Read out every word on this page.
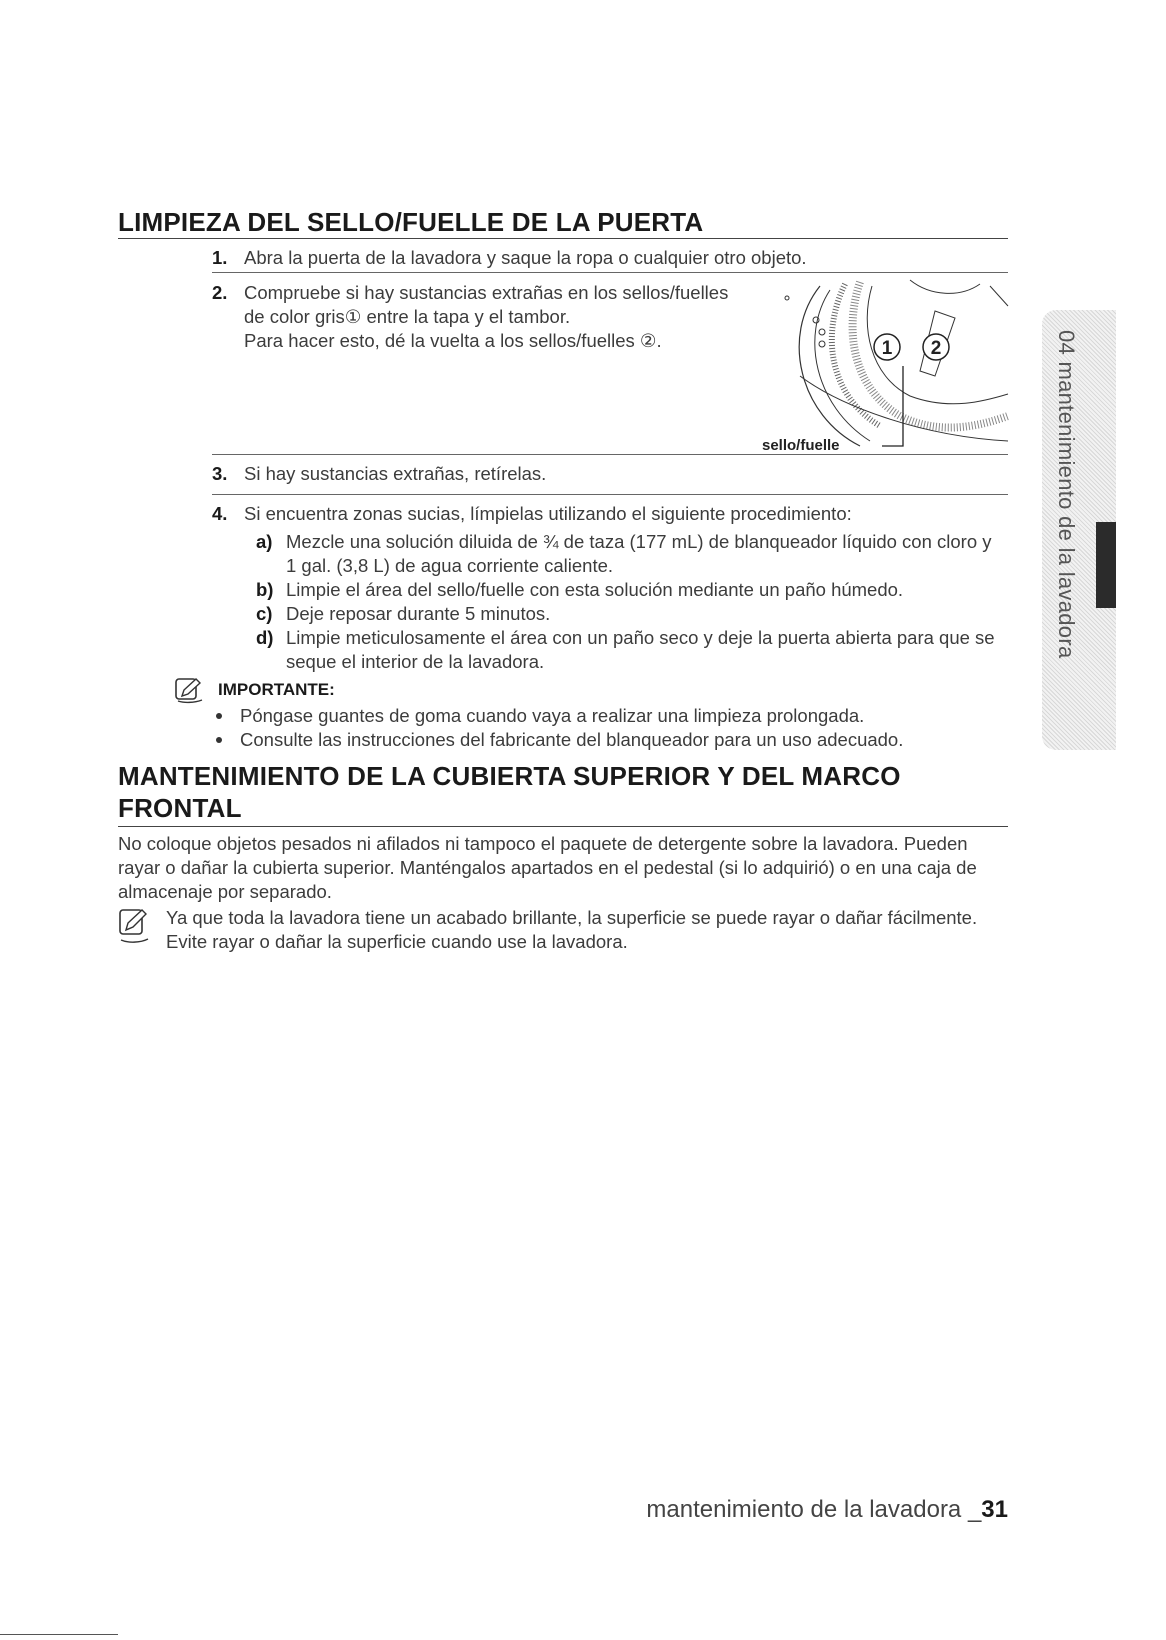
LIMPIEZA DEL SELLO/FUELLE DE LA PUERTA
1. Abra la puerta de la lavadora y saque la ropa o cualquier otro objeto.
2. Compruebe si hay sustancias extrañas en los sellos/fuelles
de color gris① entre la tapa y el tambor.
Para hacer esto, dé la vuelta a los sellos/fuelles ②.	1 2
sello/fuelle
3. Si hay sustancias extrañas, retírelas.
4. Si encuentra zonas sucias, límpielas utilizando el siguiente procedimiento:
a) Mezcle una solución diluida de ¾ de taza (177 mL) de blanqueador líquido con cloro y
1 gal. (3,8 L) de agua corriente caliente.
b) Limpie el área del sello/fuelle con esta solución mediante un paño húmedo.
c) Deje reposar durante 5 minutos.
d) Limpie meticulosamente el área con un paño seco y deje la puerta abierta para que se
seque el interior de la lavadora.
IMPORTANTE:
Póngase guantes de goma cuando vaya a realizar una limpieza prolongada.
Consulte las instrucciones del fabricante del blanqueador para un uso adecuado.
MANTENIMIENTO DE LA CUBIERTA SUPERIOR Y DEL MARCO
FRONTAL
No coloque objetos pesados ni afilados ni tampoco el paquete de detergente sobre la lavadora. Pueden
rayar o dañar la cubierta superior. Manténgalos apartados en el pedestal (si lo adquirió) o en una caja de
almacenaje por separado.
Ya que toda la lavadora tiene un acabado brillante, la superficie se puede rayar o dañar fácilmente.
Evite rayar o dañar la superficie cuando use la lavadora.
04 mantenimiento de la lavadora
mantenimiento de la lavadora _31
